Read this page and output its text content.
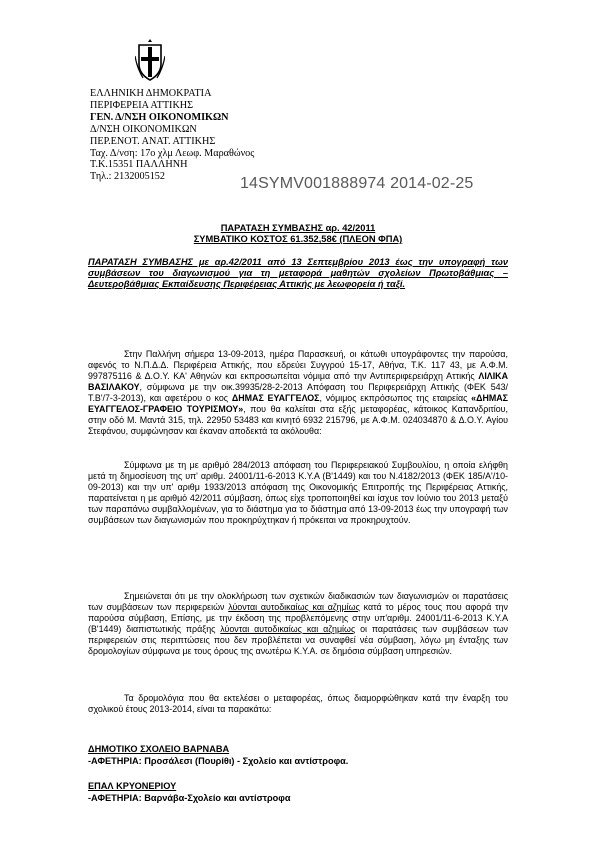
ΕΛΛΗΝΙΚΗ ΔΗΜΟΚΡΑΤΙΑ
ΠΕΡΙΦΕΡΕΙΑ ΑΤΤΙΚΗΣ
ΓΕΝ. Δ/ΝΣΗ ΟΙΚΟΝΟΜΙΚΩΝ
Δ/ΝΣΗ ΟΙΚΟΝΟΜΙΚΩΝ
ΠΕΡ.ΕΝΟΤ. ΑΝΑΤ. ΑΤΤΙΚΗΣ
Ταχ. Δ/νση: 17ο χλμ Λεωφ. Μαραθώνος
Τ.Κ.15351 ΠΑΛΛΗΝΗ
Τηλ.: 2132005152	14SYMV001888974 2014-02-25
ΠΑΡΑΤΑΣΗ ΣΥΜΒΑΣΗΣ αρ. 42/2011
ΣΥΜΒΑΤΙΚΟ ΚΟΣΤΟΣ 61.352,58€ (ΠΛΕΟΝ ΦΠΑ)
ΠΑΡΑΤΑΣΗ ΣΥΜΒΑΣΗΣ με αρ.42/2011 από 13 Σεπτεμβρίου 2013 έως την υπογραφή των συμβάσεων του διαγωνισμού για τη μεταφορά μαθητών σχολείων Πρωτοβάθμιας – Δευτεροβάθμιας Εκπαίδευσης Περιφέρειας Αττικής με λεωφορεία ή ταξί.
Στην Παλλήνη σήμερα 13-09-2013, ημέρα Παρασκευή, οι κάτωθι υπογράφοντες την παρούσα, αφενός το Ν.Π.Δ.Δ. Περιφέρεια Αττικής, που εδρεύει Συγγρού 15-17, Αθήνα, Τ.Κ. 117 43, με Α.Φ.Μ. 997875116 & Δ.Ο.Υ. ΚΑ' Αθηνών και εκπροσωπείται νόμιμα από την Αντιπεριφερειάρχη Αττικής ΛΙΛΙΚΑ ΒΑΣΙΛΑΚΟΥ, σύμφωνα με την οικ.39935/28-2-2013 Απόφαση του Περιφερειάρχη Αττικής (ΦΕΚ 543/Τ.Β'/7-3-2013), και αφετέρου ο κος ΔΗΜΑΣ ΕΥΑΓΓΕΛΟΣ, νόμιμος εκπρόσωπος της εταιρείας «ΔΗΜΑΣ ΕΥΑΓΓΕΛΟΣ-ΓΡΑΦΕΙΟ ΤΟΥΡΙΣΜΟΥ», που θα καλείται στα εξής μεταφορέας, κάτοικος Καπανδριτίου, στην οδό Μ. Μαντά 315, τηλ. 22950 53483 και κινητό 6932 215796, με Α.Φ.Μ. 024034870 & Δ.Ο.Υ. Αγίου Στεφάνου, συμφώνησαν και έκαναν αποδεκτά τα ακόλουθα:
Σύμφωνα με τη με αριθμό 284/2013 απόφαση του Περιφερειακού Συμβουλίου, η οποία ελήφθη μετά τη δημοσίευση της υπ' αριθμ. 24001/11-6-2013 Κ.Υ.Α (Β'1449) και του Ν.4182/2013 (ΦΕΚ 185/Α'/10-09-2013) και την υπ' αριθμ 1933/2013 απόφαση της Οικονομικής Επιτροπής της Περιφέρειας Αττικής, παρατείνεται η με αριθμό 42/2011 σύμβαση, όπως είχε τροποποιηθεί και ίσχυε τον Ιούνιο του 2013 μεταξύ των παραπάνω συμβαλλομένων, για το διάστημα για το διάστημα από 13-09-2013 έως την υπογραφή των συμβάσεων των διαγωνισμών που προκηρύχτηκαν ή πρόκειται να προκηρυχτούν.
Σημειώνεται ότι με την ολοκλήρωση των σχετικών διαδικασιών των διαγωνισμών οι παρατάσεις των συμβάσεων των περιφερειών λύονται αυτοδικαίως και αζημίως κατά το μέρος τους που αφορά την παρούσα σύμβαση, Επίσης, με την έκδοση της προβλεπόμενης στην υπ'αριθμ. 24001/11-6-2013 Κ.Υ.Α (Β'1449) διαπιστωτικής πράξης λύονται αυτοδικαίως και αζημίως οι παρατάσεις των συμβάσεων των περιφερειών στις περιπτώσεις που δεν προβλέπεται να συναφθεί νέα σύμβαση, λόγω μη ένταξης των δρομολογίων σύμφωνα με τους όρους της ανωτέρω Κ.Υ.Α. σε δημόσια σύμβαση υπηρεσιών.
Τα δρομολόγια που θα εκτελέσει ο μεταφορέας, όπως διαμορφώθηκαν κατά την έναρξη του σχολικού έτους 2013-2014, είναι τα παρακάτω:
ΔΗΜΟΤΙΚΟ ΣΧΟΛΕΙΟ ΒΑΡΝΑΒΑ
-ΑΦΕΤΗΡΙΑ: Προσάλεσι (Πουρίθι) - Σχολείο και αντίστροφα.
ΕΠΑΛ ΚΡΥΟΝΕΡΙΟΥ
-ΑΦΕΤΗΡΙΑ: Βαρνάβα-Σχολείο και αντίστροφα
